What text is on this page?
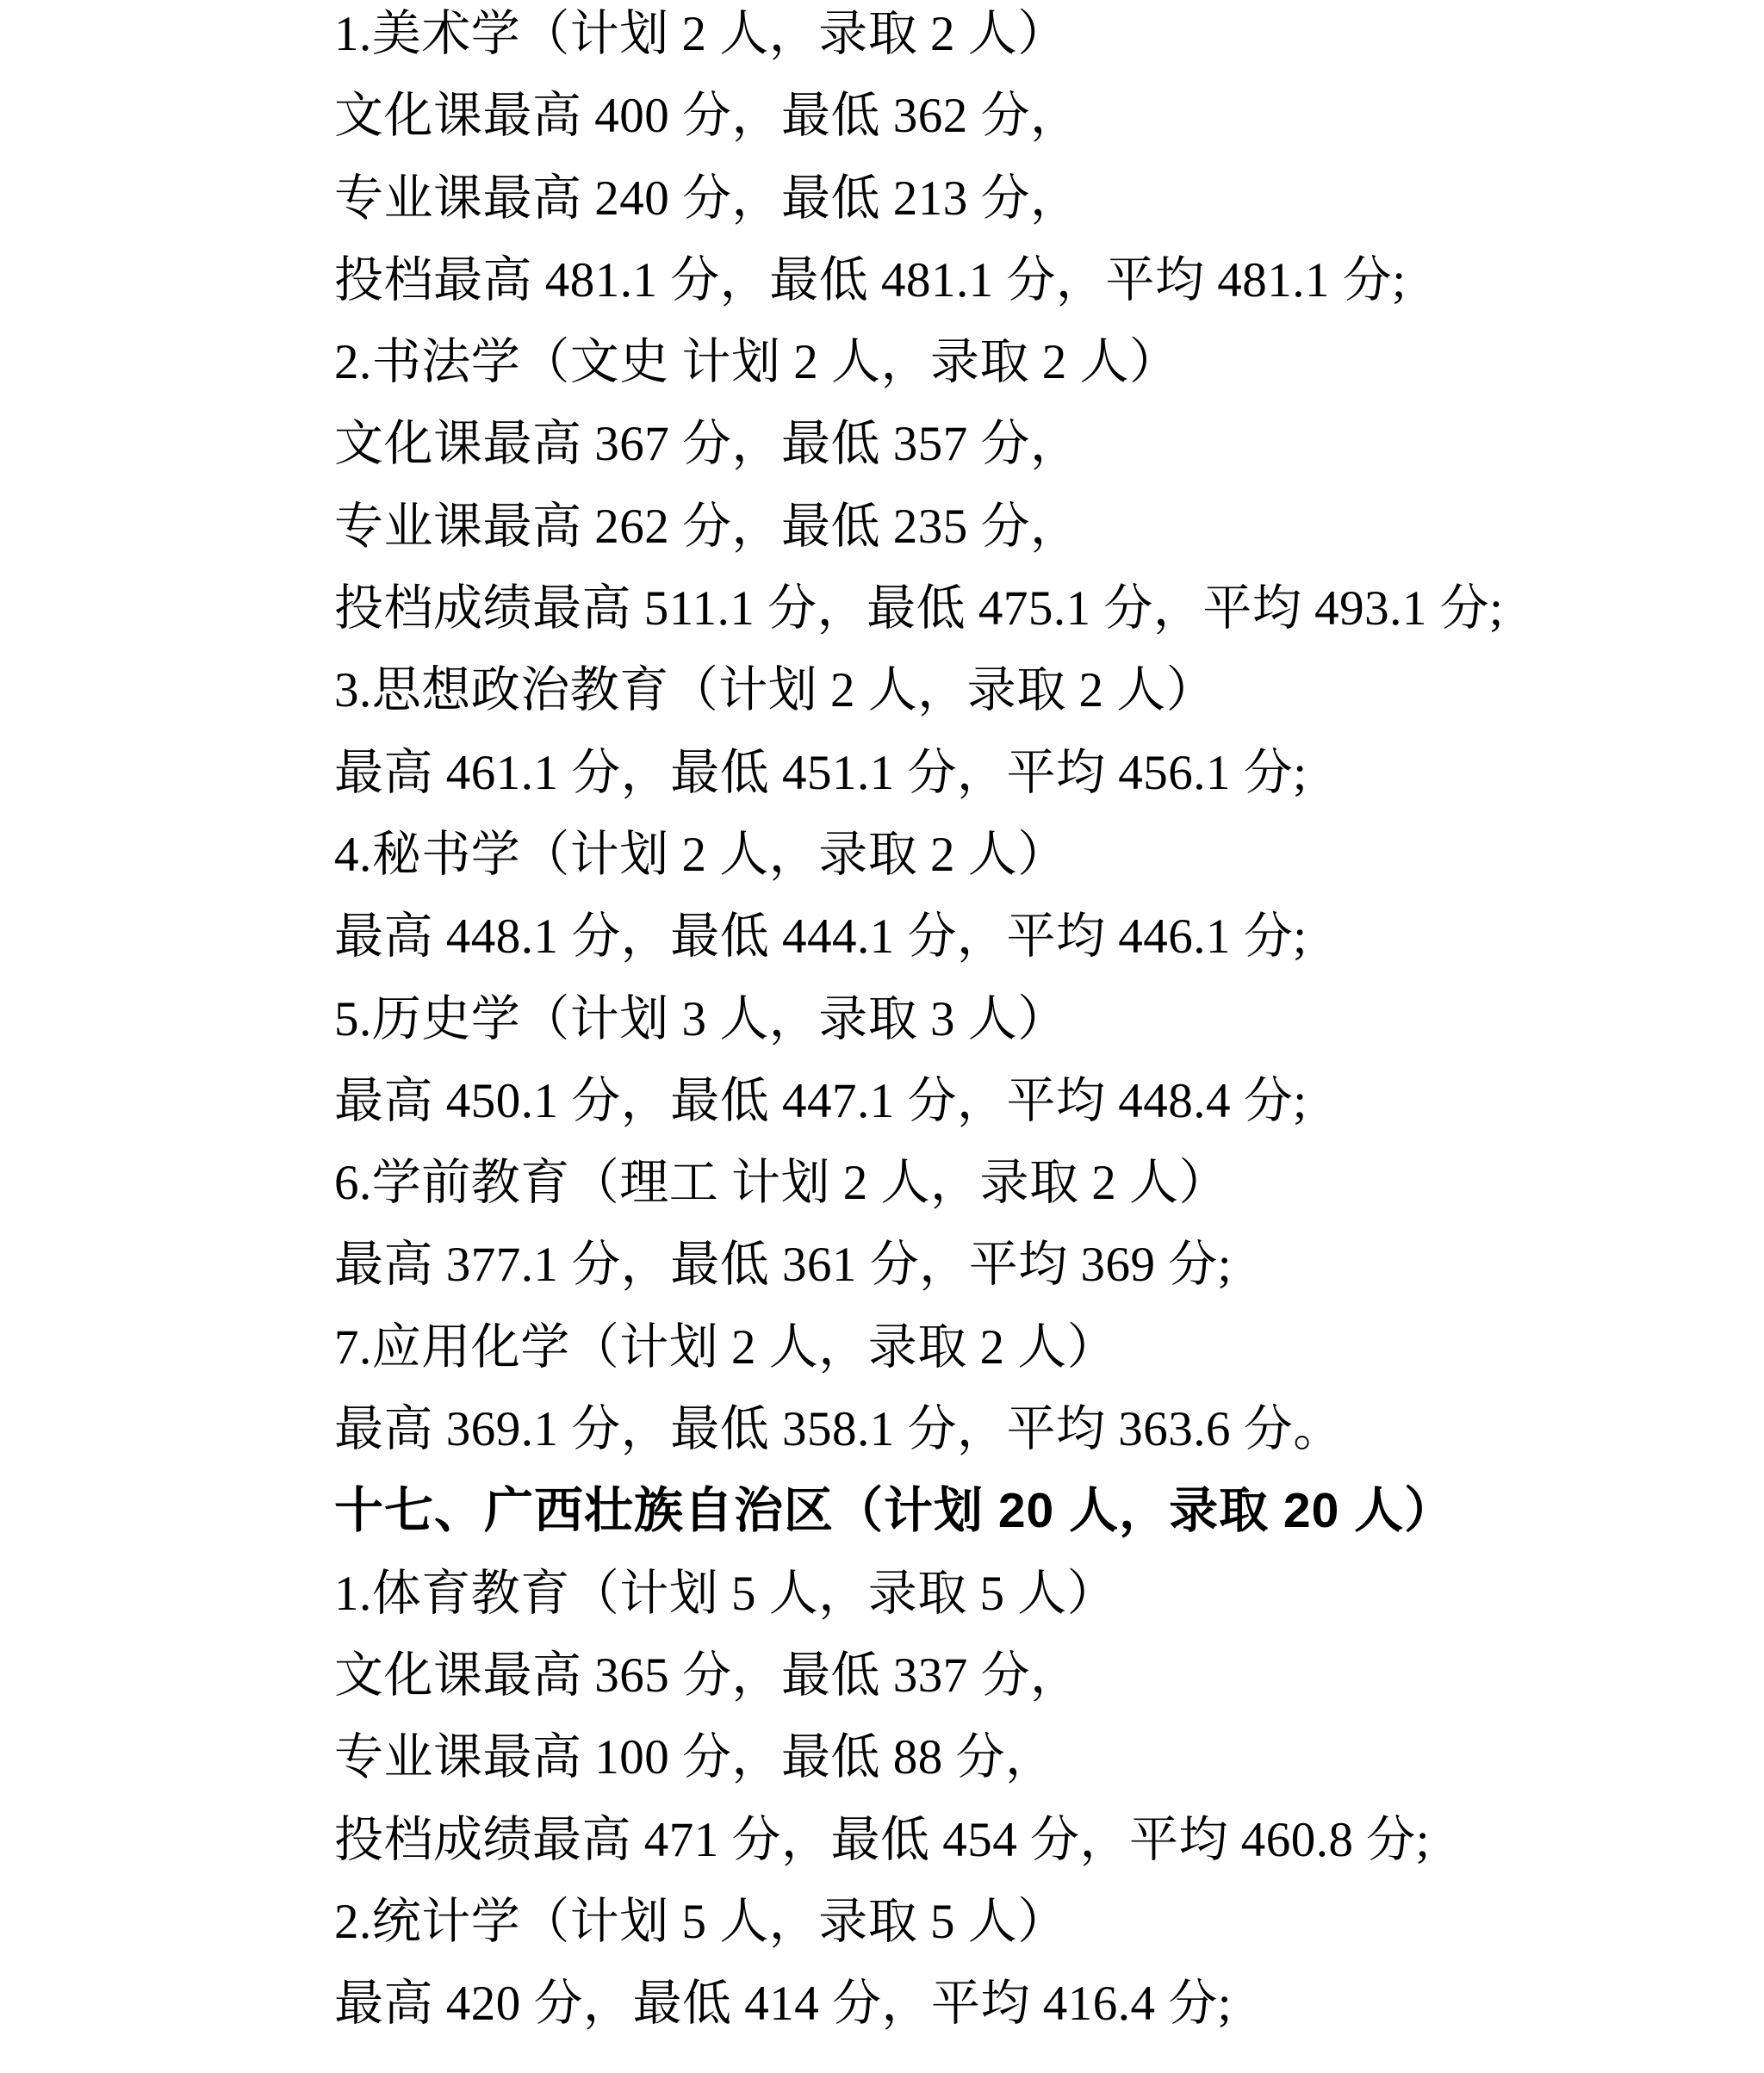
1.美术学（计划 2 人，录取 2 人）
文化课最高 400 分，最低 362 分，
专业课最高 240 分，最低 213 分，
投档最高 481.1 分，最低 481.1 分，平均 481.1 分;
2.书法学（文史 计划 2 人，录取 2 人）
文化课最高 367 分，最低 357 分，
专业课最高 262 分，最低 235 分，
投档成绩最高 511.1 分，最低 475.1 分，平均 493.1 分;
3.思想政治教育（计划 2 人，录取 2 人）
最高 461.1 分，最低 451.1 分，平均 456.1 分;
4.秘书学（计划 2 人，录取 2 人）
最高 448.1 分，最低 444.1 分，平均 446.1 分;
5.历史学（计划 3 人，录取 3 人）
最高 450.1 分，最低 447.1 分，平均 448.4 分;
6.学前教育（理工 计划 2 人，录取 2 人）
最高 377.1 分，最低 361 分，平均 369 分;
7.应用化学（计划 2 人，录取 2 人）
最高 369.1 分，最低 358.1 分，平均 363.6 分。
十七、广西壮族自治区（计划 20 人，录取 20 人）
1.体育教育（计划 5 人，录取 5 人）
文化课最高 365 分，最低 337 分，
专业课最高 100 分，最低 88 分，
投档成绩最高 471 分，最低 454 分，平均 460.8 分;
2.统计学（计划 5 人，录取 5 人）
最高 420 分，最低 414 分，平均 416.4 分;
